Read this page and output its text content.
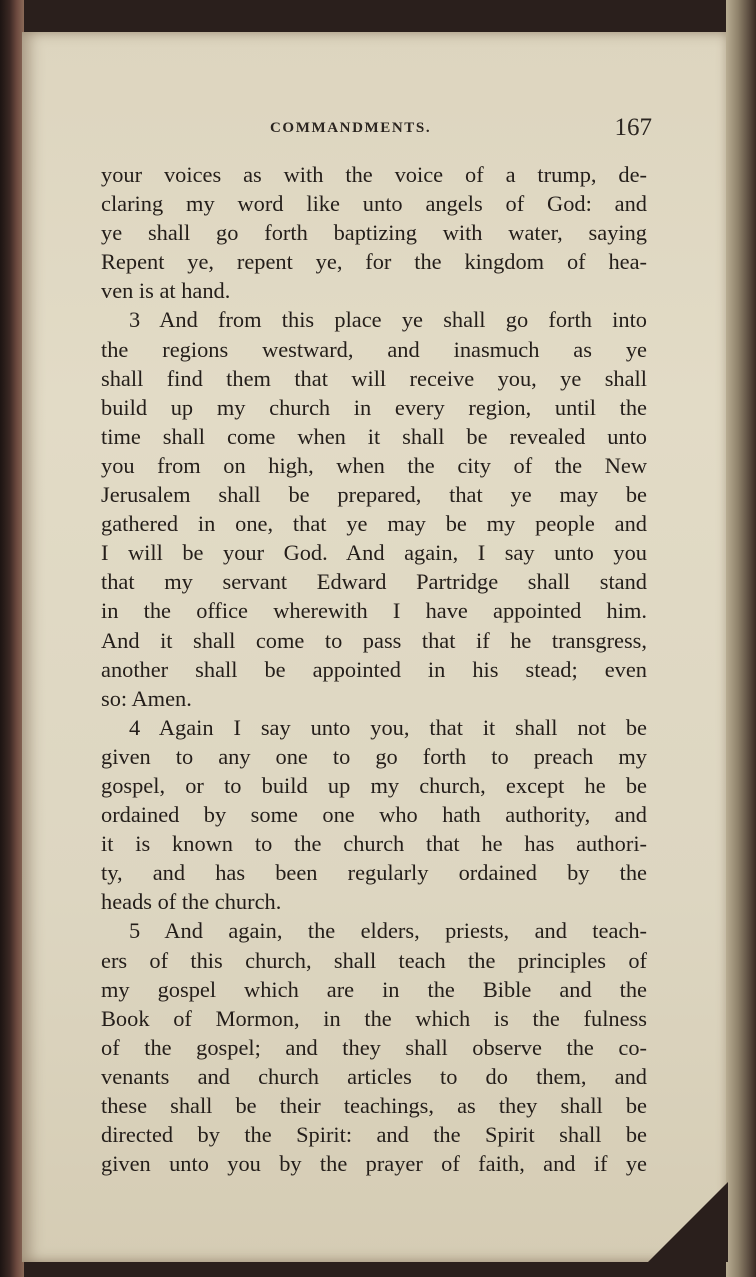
COMMANDMENTS.	167
your voices as with the voice of a trump, de-
claring my word like unto angels of God: and
ye shall go forth baptizing with water, saying
Repent ye, repent ye, for the kingdom of hea-
ven is at hand.
3 And from this place ye shall go forth into
the regions westward, and inasmuch as ye
shall find them that will receive you, ye shall
build up my church in every region, until the
time shall come when it shall be revealed unto
you from on high, when the city of the New
Jerusalem shall be prepared, that ye may be
gathered in one, that ye may be my people and
I will be your God. And again, I say unto you
that my servant Edward Partridge shall stand
in the office wherewith I have appointed him.
And it shall come to pass that if he transgress,
another shall be appointed in his stead; even
so: Amen.
4 Again I say unto you, that it shall not be
given to any one to go forth to preach my
gospel, or to build up my church, except he be
ordained by some one who hath authority, and
it is known to the church that he has authori-
ty, and has been regularly ordained by the
heads of the church.
5 And again, the elders, priests, and teach-
ers of this church, shall teach the principles of
my gospel which are in the Bible and the
Book of Mormon, in the which is the fulness
of the gospel; and they shall observe the co-
venants and church articles to do them, and
these shall be their teachings, as they shall be
directed by the Spirit: and the Spirit shall be
given unto you by the prayer of faith, and if ye
